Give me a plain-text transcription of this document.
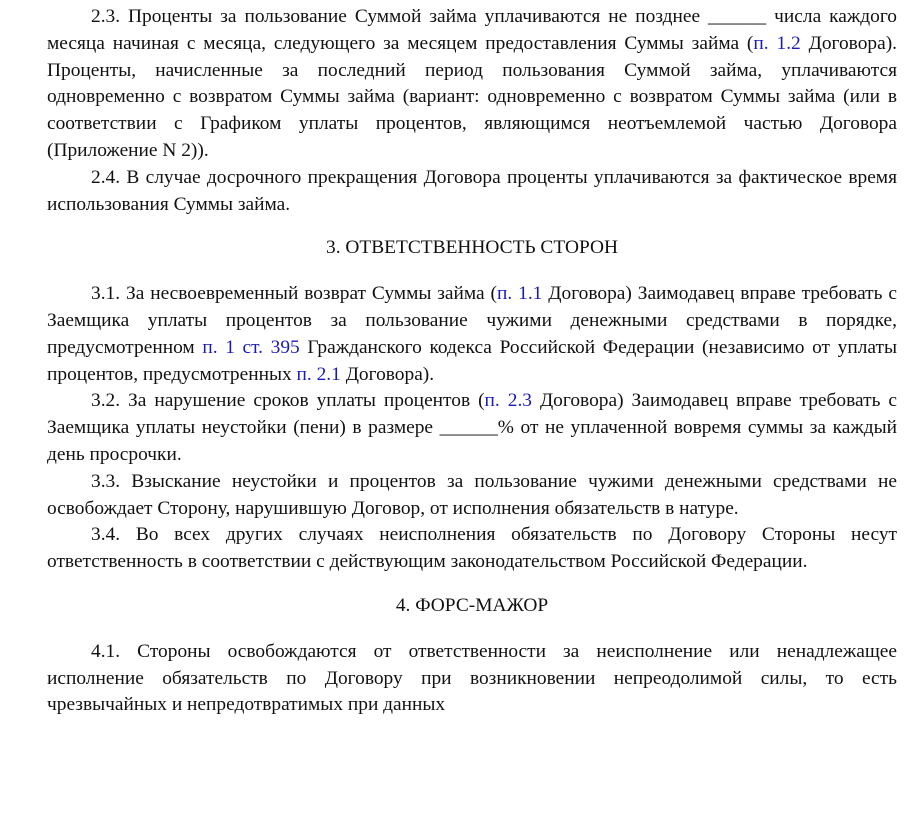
2.3. Проценты за пользование Суммой займа уплачиваются не позднее ______ числа каждого месяца начиная с месяца, следующего за месяцем предоставления Суммы займа (п. 1.2 Договора). Проценты, начисленные за последний период пользования Суммой займа, уплачиваются одновременно с возвратом Суммы займа (вариант: одновременно с возвратом Суммы займа (или в соответствии с Графиком уплаты процентов, являющимся неотъемлемой частью Договора (Приложение N 2)).

2.4. В случае досрочного прекращения Договора проценты уплачиваются за фактическое время использования Суммы займа.

3. ОТВЕТСТВЕННОСТЬ СТОРОН

3.1. За несвоевременный возврат Суммы займа (п. 1.1 Договора) Заимодавец вправе требовать с Заемщика уплаты процентов за пользование чужими денежными средствами в порядке, предусмотренном п. 1 ст. 395 Гражданского кодекса Российской Федерации (независимо от уплаты процентов, предусмотренных п. 2.1 Договора).

3.2. За нарушение сроков уплаты процентов (п. 2.3 Договора) Заимодавец вправе требовать с Заемщика уплаты неустойки (пени) в размере ______% от не уплаченной вовремя суммы за каждый день просрочки.

3.3. Взыскание неустойки и процентов за пользование чужими денежными средствами не освобождает Сторону, нарушившую Договор, от исполнения обязательств в натуре.

3.4. Во всех других случаях неисполнения обязательств по Договору Стороны несут ответственность в соответствии с действующим законодательством Российской Федерации.

4. ФОРС-МАЖОР

4.1. Стороны освобождаются от ответственности за неисполнение или ненадлежащее исполнение обязательств по Договору при возникновении непреодолимой силы, то есть чрезвычайных и непредотвратимых при данных
